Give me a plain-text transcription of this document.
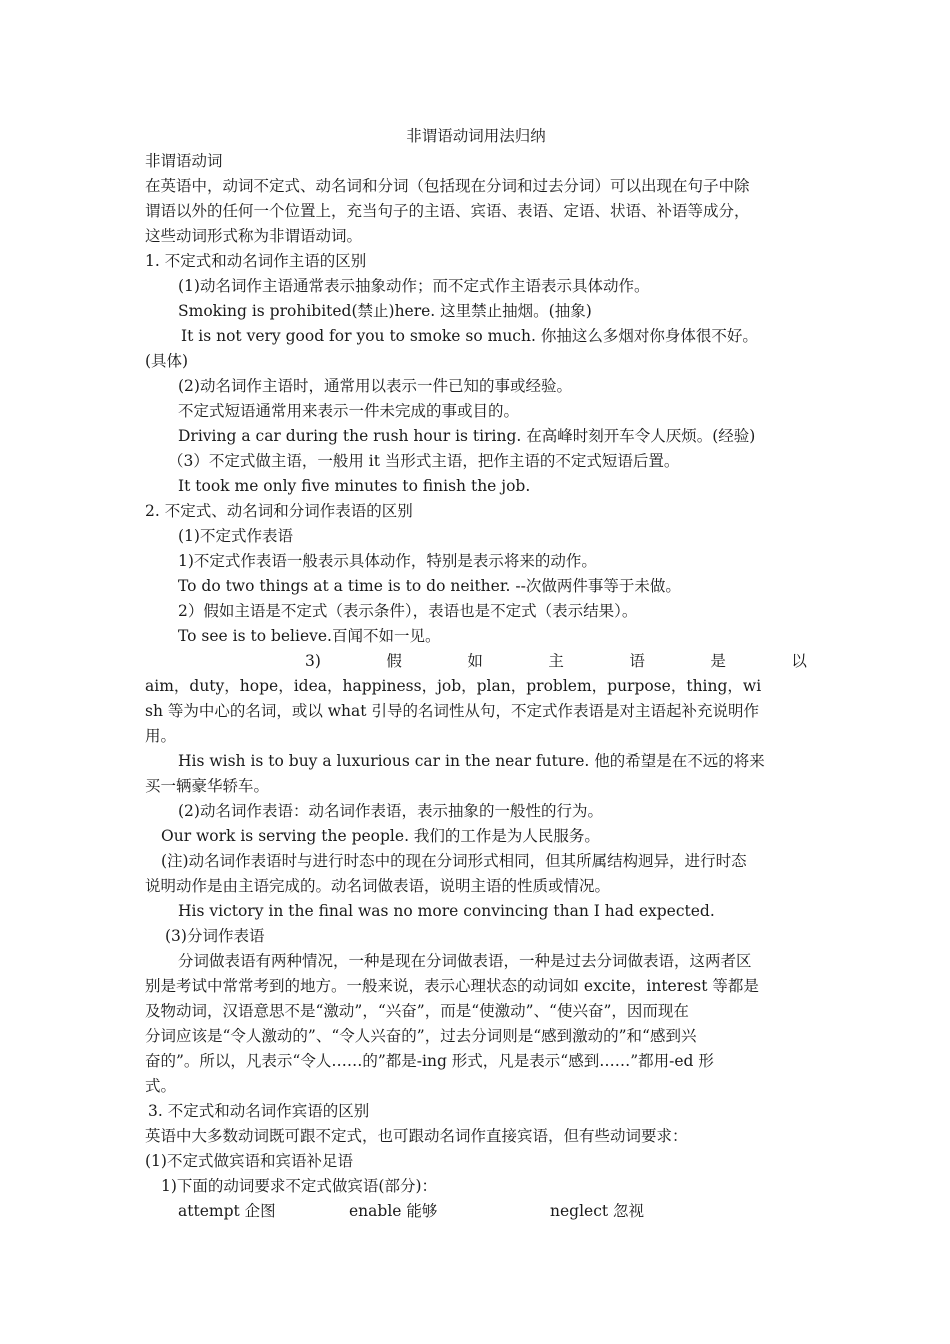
非谓语动词用法归纳
非谓语动词
在英语中，动词不定式、动名词和分词（包括现在分词和过去分词）可以出现在句子中除
谓语以外的任何一个位置上，充当句子的主语、宾语、表语、定语、状语、补语等成分，
这些动词形式称为非谓语动词。
1. 不定式和动名词作主语的区别
(1)动名词作主语通常表示抽象动作；而不定式作主语表示具体动作。
Smoking is prohibited(禁止)here. 这里禁止抽烟。(抽象)
It is not very good for you to smoke so much. 你抽这么多烟对你身体很不好。
(具体)
(2)动名词作主语时，通常用以表示一件已知的事或经验。
不定式短语通常用来表示一件未完成的事或目的。
Driving a car during the rush hour is tiring. 在高峰时刻开车令人厌烦。(经验)
（3）不定式做主语，一般用 it 当形式主语，把作主语的不定式短语后置。
It took me only five minutes to finish the job.
2. 不定式、动名词和分词作表语的区别
(1)不定式作表语
1)不定式作表语一般表示具体动作，特别是表示将来的动作。
To do two things at a time is to do neither. --次做两件事等于未做。
2）假如主语是不定式（表示条件），表语也是不定式（表示结果）。
To see is to believe.百闻不如一见。
3)	假	如	主	语	是	以
aim，duty，hope，idea，happiness，job，plan，problem，purpose，thing，wi
sh 等为中心的名词，或以 what 引导的名词性从句，不定式作表语是对主语起补充说明作
用。
His wish is to buy a luxurious car in the near future. 他的希望是在不远的将来
买一辆豪华轿车。
(2)动名词作表语：动名词作表语，表示抽象的一般性的行为。
Our work is serving the people. 我们的工作是为人民服务。
(注)动名词作表语时与进行时态中的现在分词形式相同，但其所属结构迥异，进行时态
说明动作是由主语完成的。动名词做表语，说明主语的性质或情况。
His victory in the final was no more convincing than I had expected.
(3)分词作表语
分词做表语有两种情况，一种是现在分词做表语，一种是过去分词做表语，这两者区
别是考试中常常考到的地方。一般来说，表示心理状态的动词如 excite，interest 等都是
及物动词，汉语意思不是“激动”，“兴奋”，而是“使激动”、“使兴奋”，因而现在
分词应该是“令人激动的”、“令人兴奋的”，过去分词则是“感到激动的”和“感到兴
奋的”。所以，凡表示“令人……的”都是-ing 形式，凡是表示“感到……”都用-ed 形
式。
3. 不定式和动名词作宾语的区别
英语中大多数动词既可跟不定式，也可跟动名词作直接宾语，但有些动词要求：
(1)不定式做宾语和宾语补足语
1)下面的动词要求不定式做宾语(部分)：
attempt 企图	enable 能够	neglect 忽视
